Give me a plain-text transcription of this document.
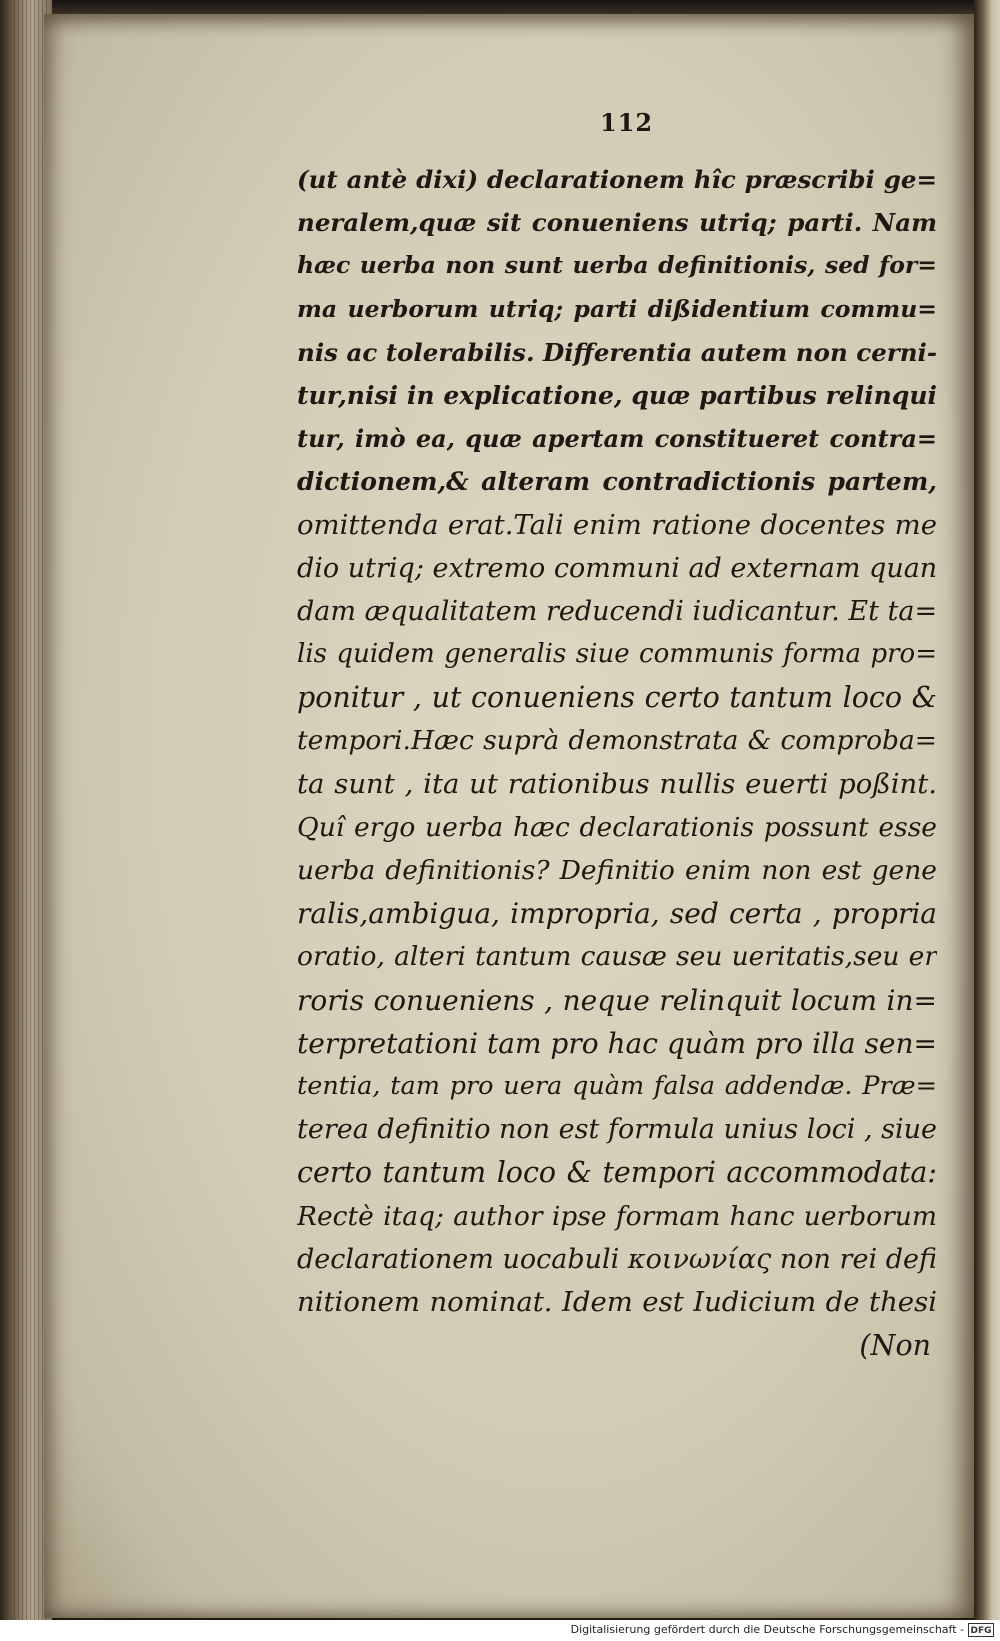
112
(ut antè dixi) declarationem hîc præscribi ge=
neralem,quæ sit conueniens utriq; parti. Nam
hæc uerba non sunt uerba definitionis, sed for=
ma uerborum utriq; parti dißidentium commu=
nis ac tolerabilis. Differentia autem non cerni-
tur,nisi in explicatione, quæ partibus relinqui
tur, imò ea, quæ apertam constitueret contra=
dictionem,& alteram contradictionis partem,
omittenda erat.Tali enim ratione docentes me
dio utriq; extremo communi ad externam quan
dam æqualitatem reducendi iudicantur. Et ta=
lis quidem generalis siue communis forma pro=
ponitur , ut conueniens certo tantum loco &
tempori.Hæc suprà demonstrata & comproba=
ta sunt , ita ut rationibus nullis euerti poßint.
Quî ergo uerba hæc declarationis possunt esse
uerba definitionis? Definitio enim non est gene
ralis,ambigua, impropria, sed certa , propria
oratio, alteri tantum causæ seu ueritatis,seu er
roris conueniens , neque relinquit locum in=
terpretationi tam pro hac quàm pro illa sen=
tentia, tam pro uera quàm falsa addendæ. Præ=
terea definitio non est formula unius loci , siue
certo tantum loco & tempori accommodata:
Rectè itaq; author ipse formam hanc uerborum
declarationem uocabuli κοινωνίας non rei defi
nitionem nominat. Idem est Iudicium de thesi
(Non
Digitalisierung gefördert durch die Deutsche Forschungsgemeinschaft - DFG
